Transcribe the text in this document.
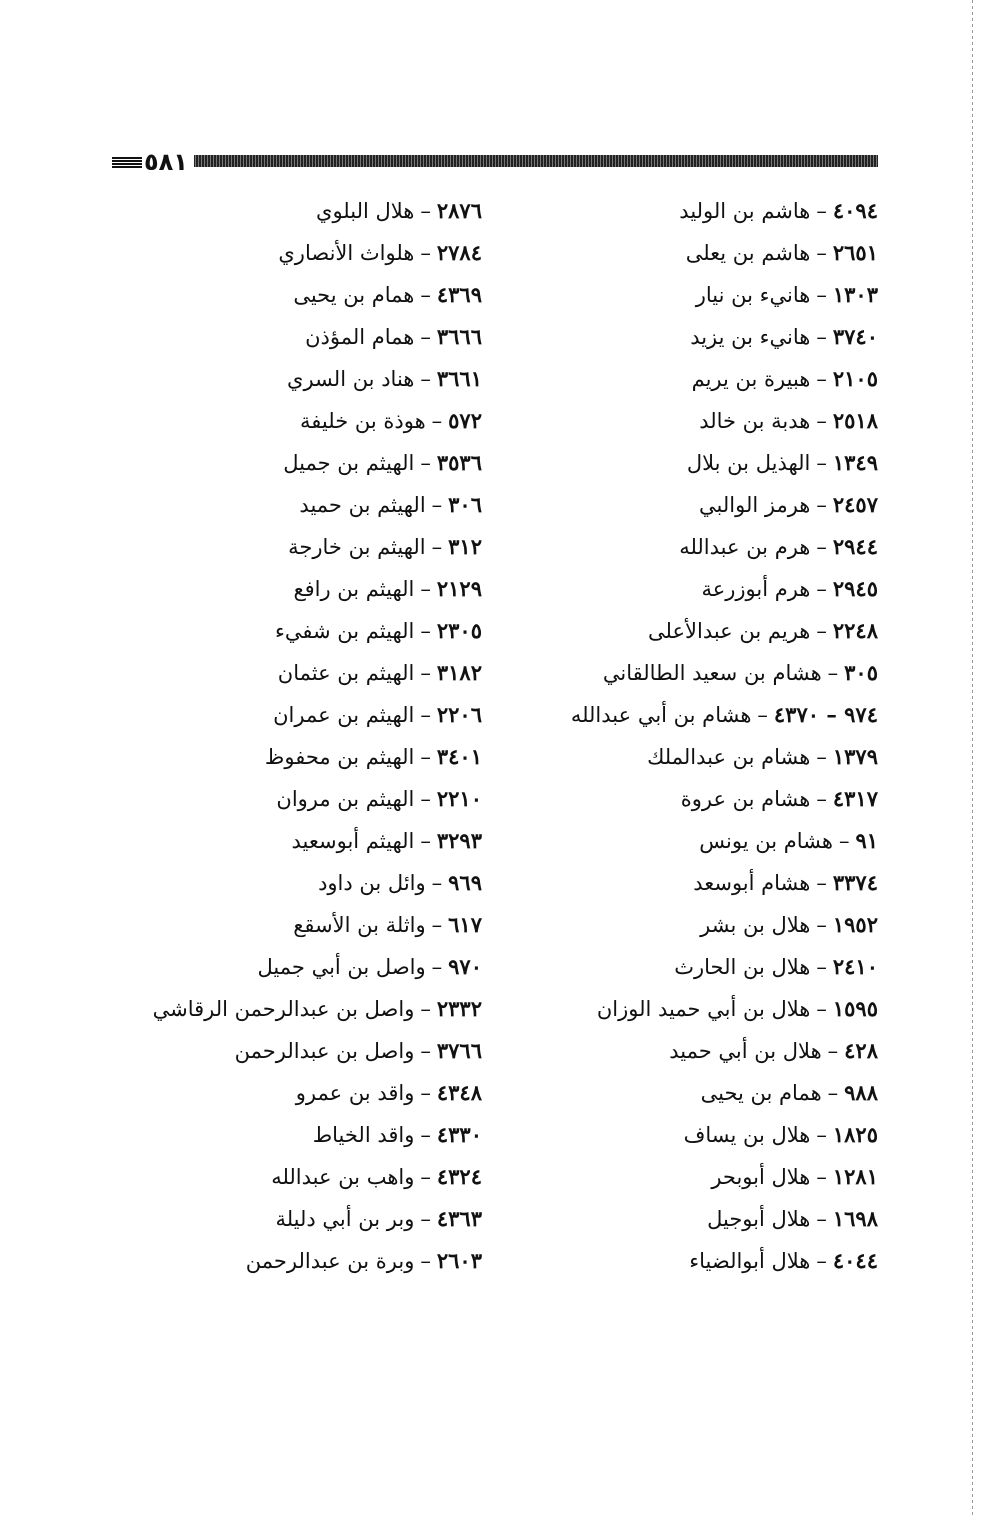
٥٨١
٤٠٩٤–هاشم بن الوليد
٢٦٥١–هاشم بن يعلى
١٣٠٣–هانيء بن نيار
٣٧٤٠–هانيء بن يزيد
٢١٠٥–هبيرة بن يريم
٢٥١٨–هدبة بن خالد
١٣٤٩–الهذيل بن بلال
٢٤٥٧–هرمز الوالبي
٢٩٤٤–هرم بن عبدالله
٢٩٤٥–هرم أبوزرعة
٢٢٤٨–هريم بن عبدالأعلى
٣٠٥–هشام بن سعيد الطالقاني
٩٧٤ – ٤٣٧٠–هشام بن أبي عبدالله
١٣٧٩–هشام بن عبدالملك
٤٣١٧–هشام بن عروة
٩١–هشام بن يونس
٣٣٧٤–هشام أبوسعد
١٩٥٢–هلال بن بشر
٢٤١٠–هلال بن الحارث
١٥٩٥–هلال بن أبي حميد الوزان
٤٢٨–هلال بن أبي حميد
٩٨٨–همام بن يحيى
١٨٢٥–هلال بن يساف
١٢٨١–هلال أبوبحر
١٦٩٨–هلال أبوجيل
٤٠٤٤–هلال أبوالضياء
٢٨٧٦–هلال البلوي
٢٧٨٤–هلواث الأنصاري
٤٣٦٩–همام بن يحيى
٣٦٦٦–همام المؤذن
٣٦٦١–هناد بن السري
٥٧٢–هوذة بن خليفة
٣٥٣٦–الهيثم بن جميل
٣٠٦–الهيثم بن حميد
٣١٢–الهيثم بن خارجة
٢١٢٩–الهيثم بن رافع
٢٣٠٥–الهيثم بن شفيء
٣١٨٢–الهيثم بن عثمان
٢٢٠٦–الهيثم بن عمران
٣٤٠١–الهيثم بن محفوظ
٢٢١٠–الهيثم بن مروان
٣٢٩٣–الهيثم أبوسعيد
٩٦٩–وائل بن داود
٦١٧–واثلة بن الأسقع
٩٧٠–واصل بن أبي جميل
٢٣٣٢–واصل بن عبدالرحمن الرقاشي
٣٧٦٦–واصل بن عبدالرحمن
٤٣٤٨–واقد بن عمرو
٤٣٣٠–واقد الخياط
٤٣٢٤–واهب بن عبدالله
٤٣٦٣–وبر بن أبي دليلة
٢٦٠٣–وبرة بن عبدالرحمن
